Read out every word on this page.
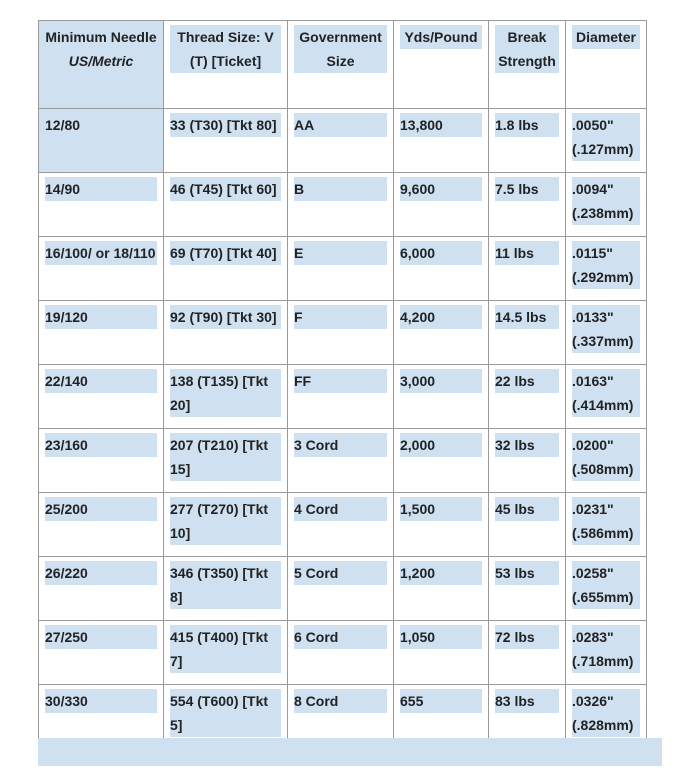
Minimum Needle
US/Metric	Thread Size: V (T) [Ticket]	Government Size	Yds/Pound	Break Strength	Diameter

12/80	33 (T30) [Tkt 80]	AA	13,800	1.8 lbs	.0050" (.127mm)

14/90	46 (T45) [Tkt 60]	B	9,600	7.5 lbs	.0094" (.238mm)

16/100/ or 18/110	69 (T70) [Tkt 40]	E	6,000	11 lbs	.0115" (.292mm)

19/120	92 (T90) [Tkt 30]	F	4,200	14.5 lbs	.0133" (.337mm)

22/140	138 (T135) [Tkt 20]	FF	3,000	22 lbs	.0163" (.414mm)

23/160	207 (T210) [Tkt 15]	3 Cord	2,000	32 lbs	.0200" (.508mm)

25/200	277 (T270) [Tkt 10]	4 Cord	1,500	45 lbs	.0231" (.586mm)

26/220	346 (T350) [Tkt 8]	5 Cord	1,200	53 lbs	.0258" (.655mm)

27/250	415 (T400) [Tkt 7]	6 Cord	1,050	72 lbs	.0283" (.718mm)

30/330	554 (T600) [Tkt 5]	8 Cord	655	83 lbs	.0326" (.828mm)
